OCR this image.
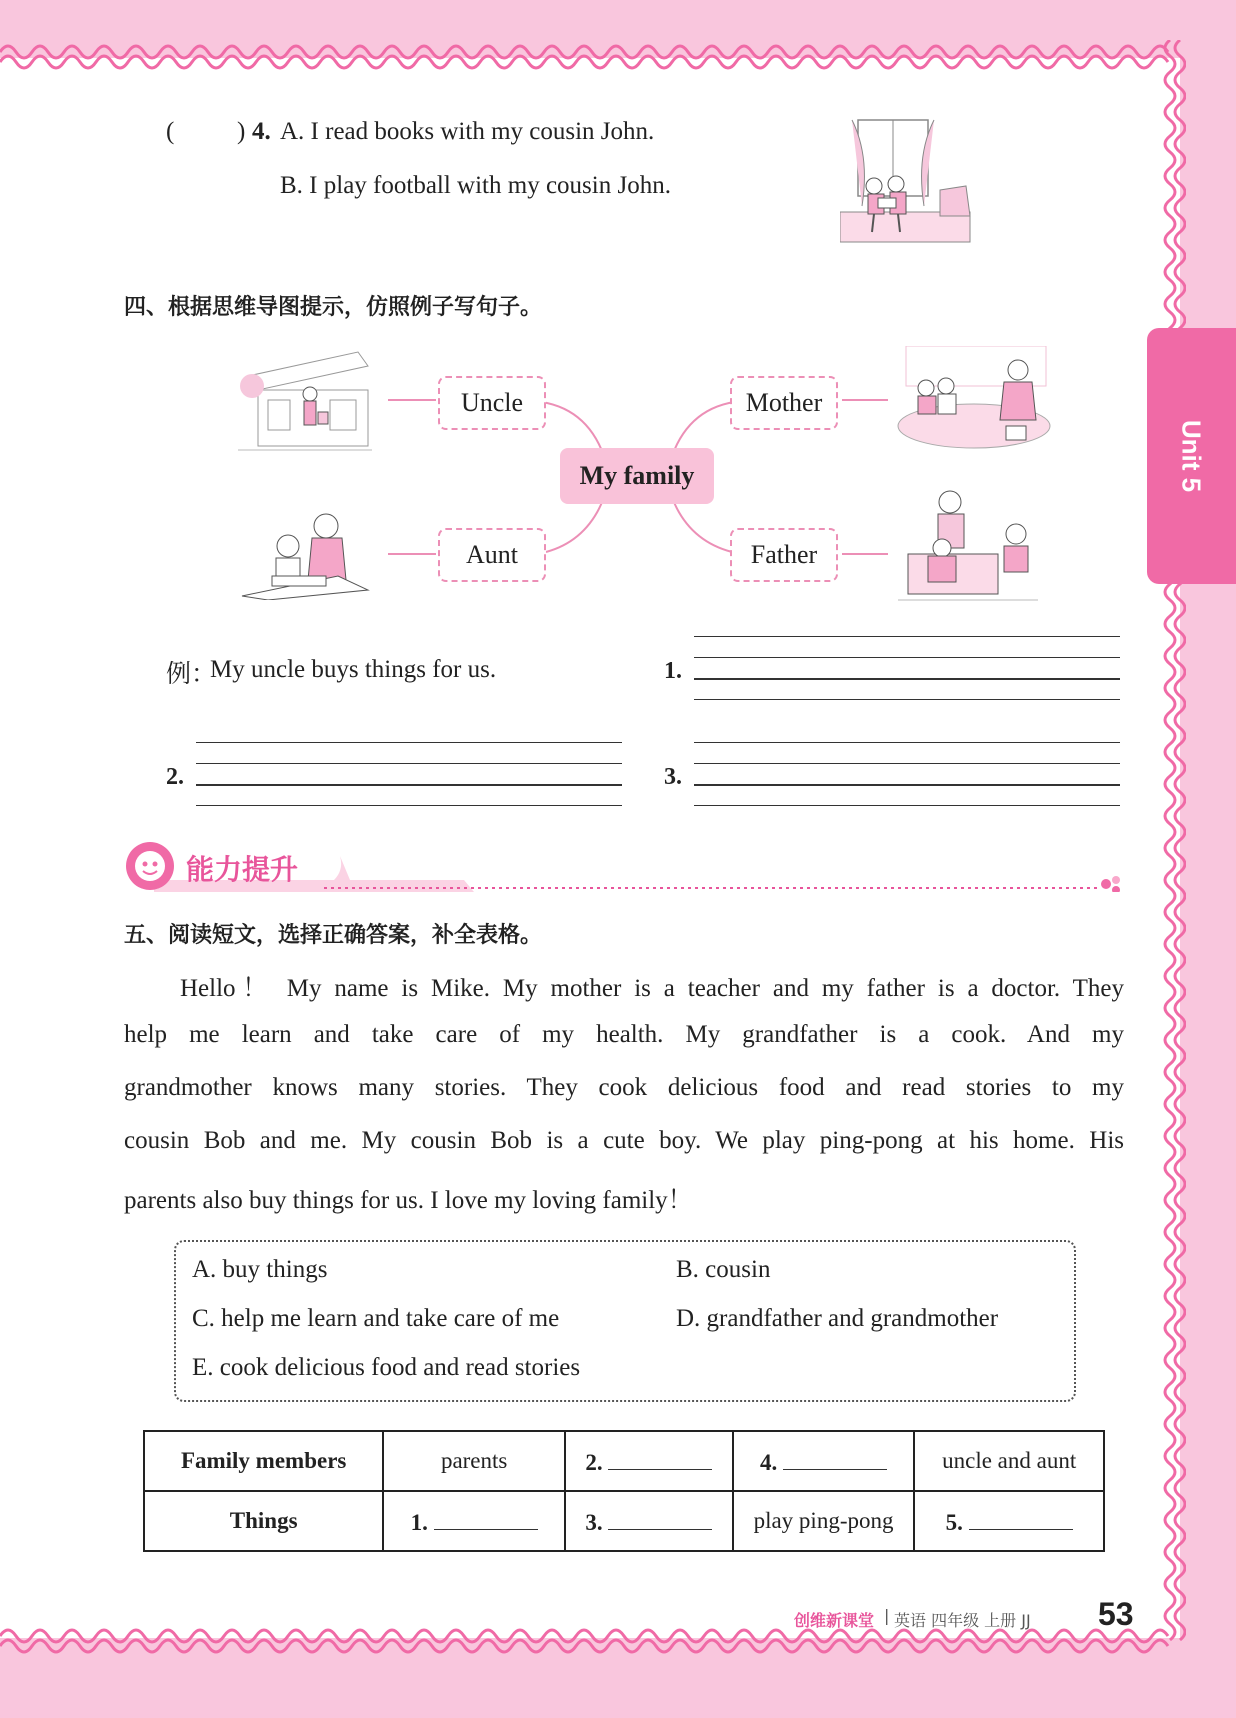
Unit 5
(	) 4. A. I read books with my cousin John.
B. I play football with my cousin John.
四、根据思维导图提示，仿照例子写句子。
Uncle	Mother
Aunt	Father
My family
例：
My uncle buys things for us.	1.
2.	3.
能力提升
五、阅读短文，选择正确答案，补全表格。
Hello！ My name is Mike. My mother is a teacher and my father is a doctor. They
help me learn and take care of my health. My grandfather is a cook. And my
grandmother knows many stories. They cook delicious food and read stories to my
cousin Bob and me. My cousin Bob is a cute boy. We play ping-pong at his home. His
parents also buy things for us. I love my loving family！
A. buy things	B. cousin
C. help me learn and take care of me	D. grandfather and grandmother
E. cook delicious food and read stories
Family members	parents	2.	4.	uncle and aunt
Things	1.	3.	play ping-pong	5.
创维新课堂 | 英语 四年级 上册 JJ 53
